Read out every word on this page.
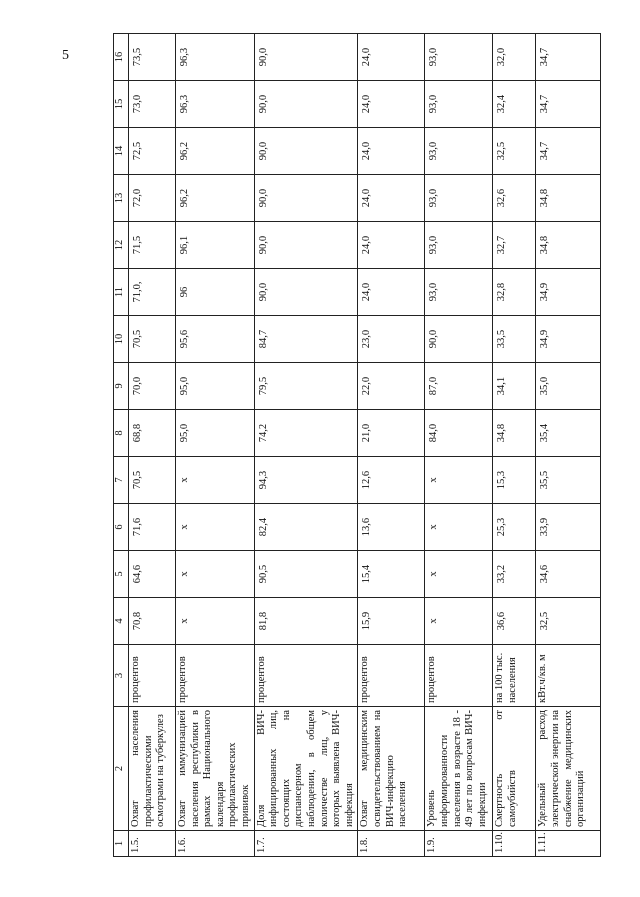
5
1	2	3	4	5	6	7	8	9	10	11	12	13	14	15	16
1.5.	Охват населения профилактическими осмотрами на туберкулез	процентов	70,8	64,6	71,6	70,5	68,8	70,0	70,5	71,0,	71,5	72,0	72,5	73,0	73,5
1.6.	Охват иммунизацией населения республики в рамках Национального календаря профилактических прививок	процентов	x	x	x	x	95,0	95,0	95,6	96	96,1	96,2	96,2	96,3	96,3
1.7.	Доля ВИЧ-инфицированных лиц, состоящих на диспансерном наблюдении, в общем количестве лиц, у которых выявлена ВИЧ-инфекция	процентов	81,8	90,5	82,4	94,3	74,2	79,5	84,7	90,0	90,0	90,0	90,0	90,0	90,0
1.8.	Охват медицинским освидетельствованием на ВИЧ-инфекцию населения	процентов	15,9	15,4	13,6	12,6	21,0	22,0	23,0	24,0	24,0	24,0	24,0	24,0	24,0
1.9.	Уровень информированности населения в возрасте 18 - 49 лет по вопросам ВИЧ-инфекции	процентов	x	x	x	x	84,0	87,0	90,0	93,0	93,0	93,0	93,0	93,0	93,0
1.10.	Смертность от самоубийств	на 100 тыс. населения	36,6	33,2	25,3	15,3	34,8	34,1	33,5	32,8	32,7	32,6	32,5	32,4	32,0
1.11.	Удельный расход электрической энергии на снабжение медицинских организаций	кВт.ч/кв. м	32,5	34,6	33,9	35,5	35,4	35,0	34,9	34,9	34,8	34,8	34,7	34,7	34,7
